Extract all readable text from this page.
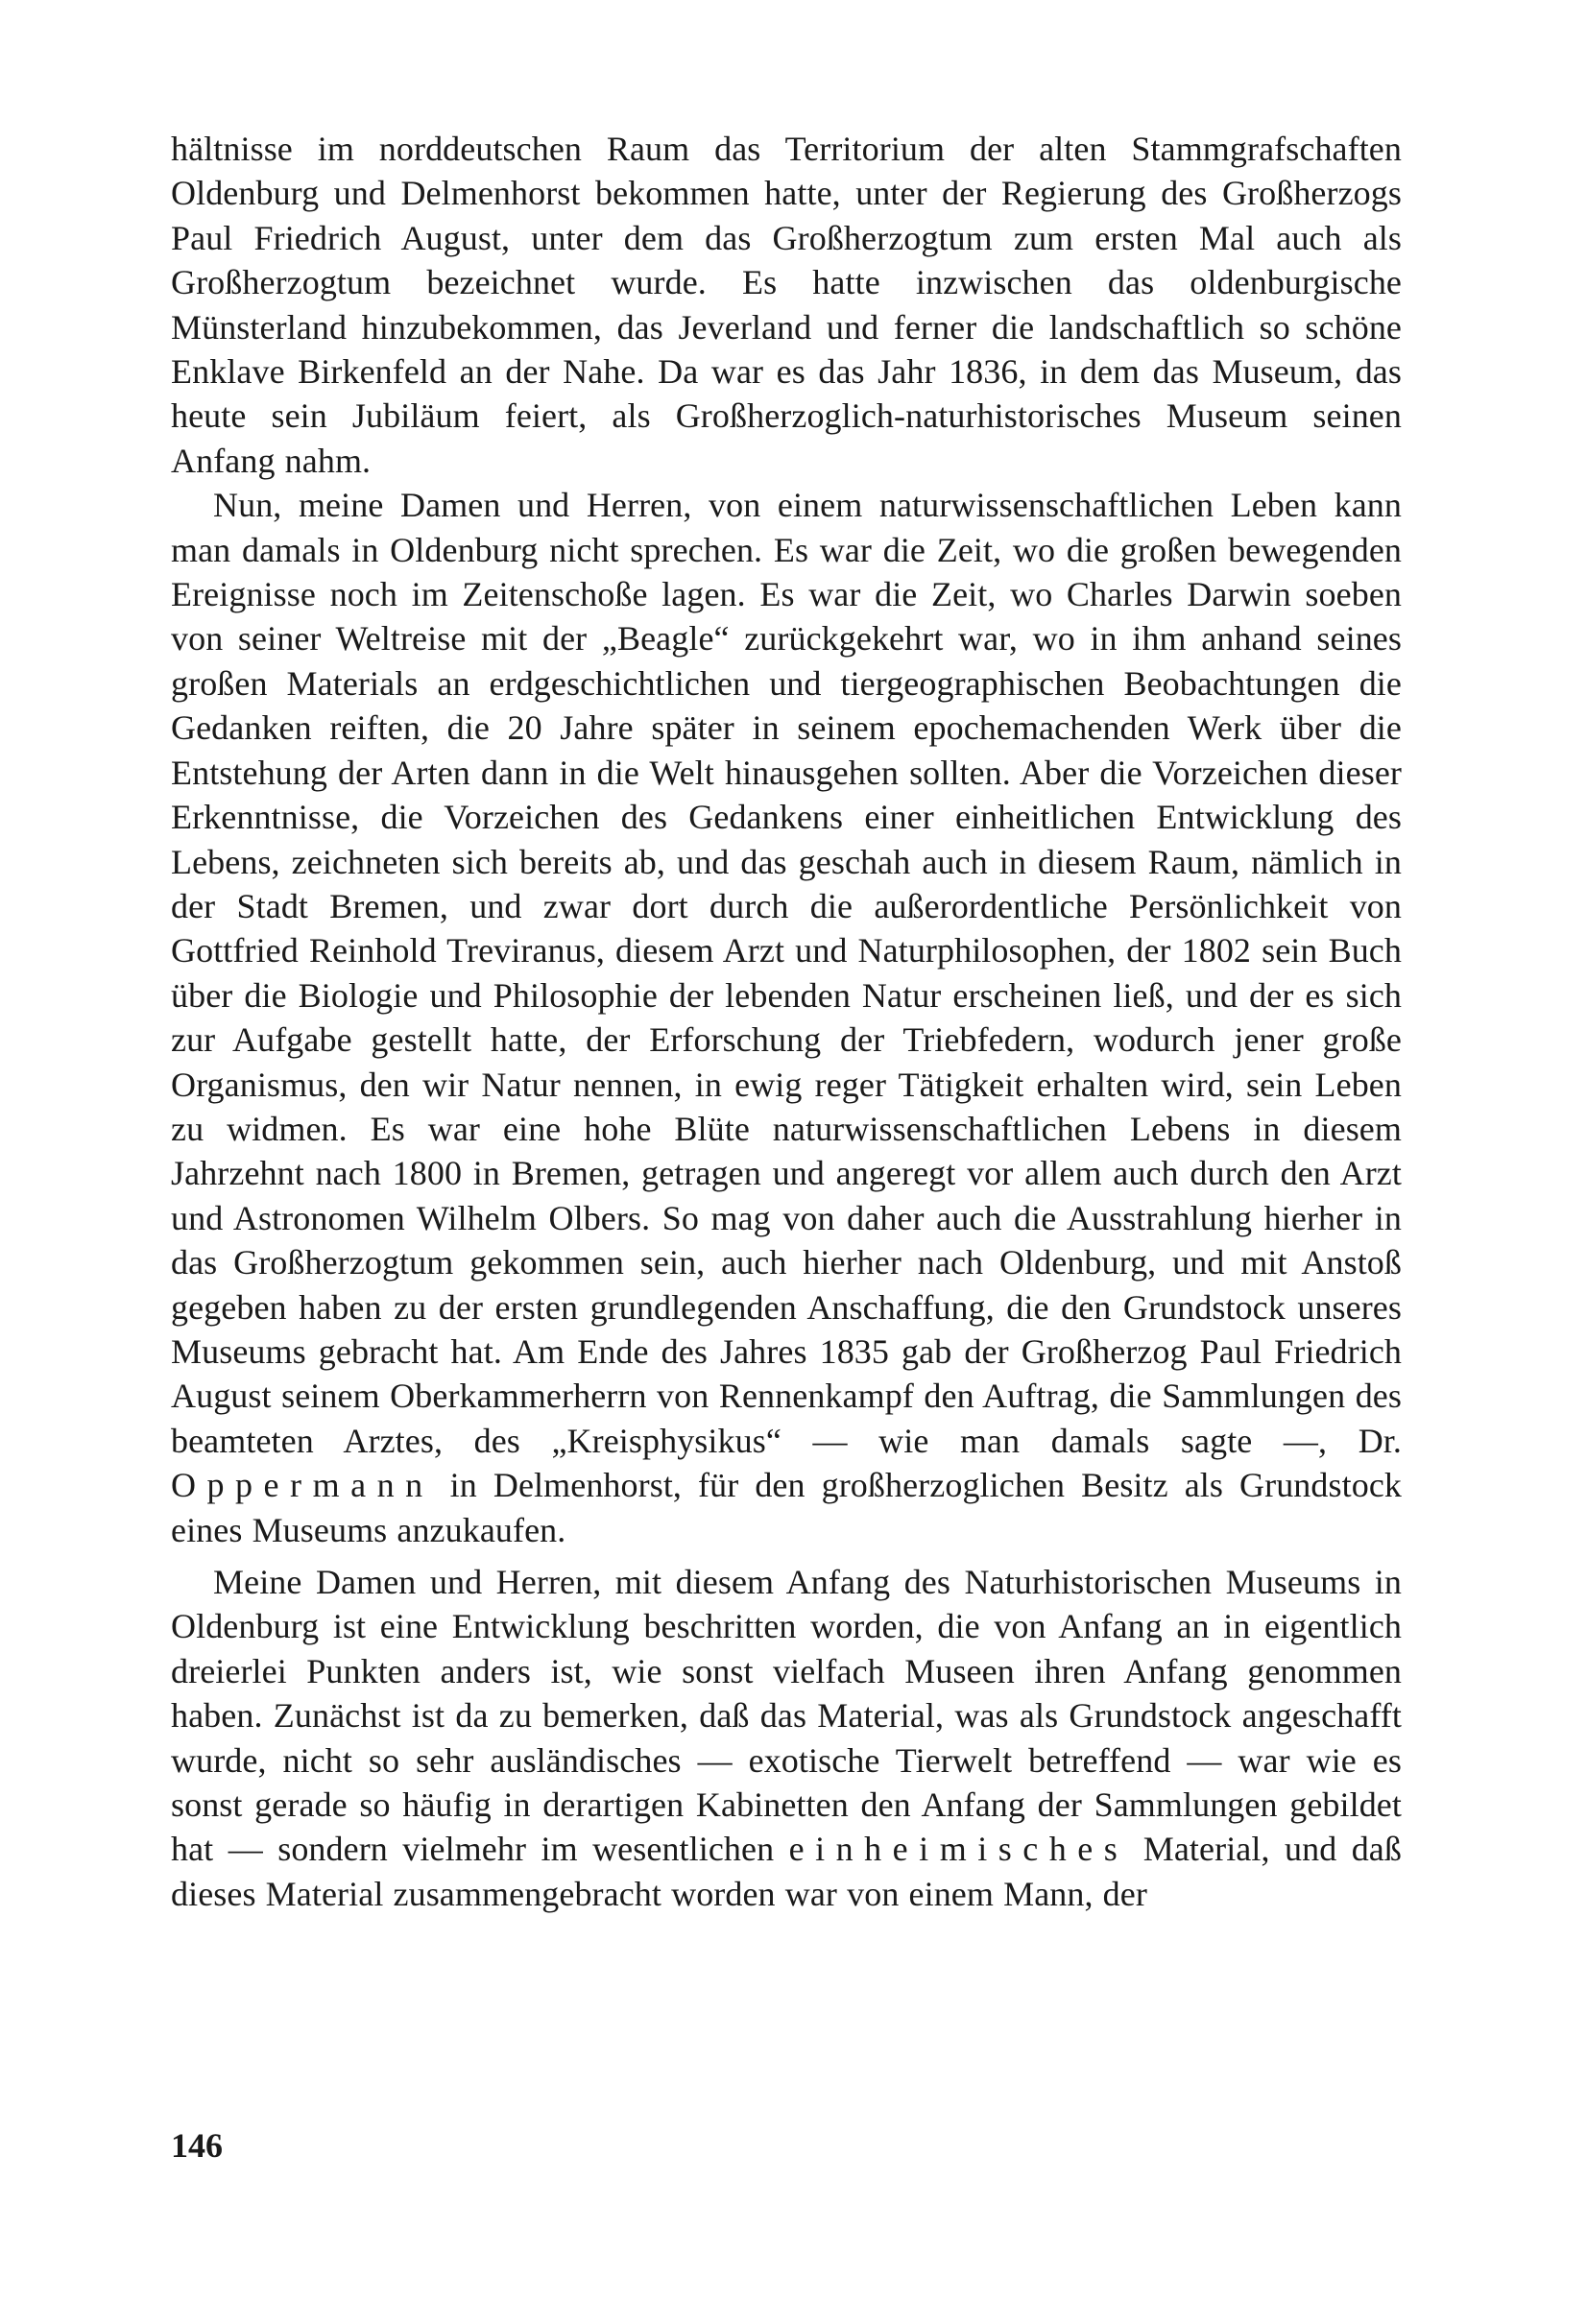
hältnisse im norddeutschen Raum das Territorium der alten Stammgrafschaften Oldenburg und Delmenhorst bekommen hatte, unter der Regierung des Großherzogs Paul Friedrich August, unter dem das Großherzogtum zum ersten Mal auch als Großherzogtum bezeichnet wurde. Es hatte inzwischen das oldenburgische Münsterland hinzubekommen, das Jeverland und ferner die landschaftlich so schöne Enklave Birkenfeld an der Nahe. Da war es das Jahr 1836, in dem das Museum, das heute sein Jubiläum feiert, als Großherzoglich-naturhistorisches Museum seinen Anfang nahm.

Nun, meine Damen und Herren, von einem naturwissenschaftlichen Leben kann man damals in Oldenburg nicht sprechen. Es war die Zeit, wo die großen bewegenden Ereignisse noch im Zeitenschoße lagen. Es war die Zeit, wo Charles Darwin soeben von seiner Weltreise mit der „Beagle“ zurückgekehrt war, wo in ihm anhand seines großen Materials an erdgeschichtlichen und tiergeographischen Beobachtungen die Gedanken reiften, die 20 Jahre später in seinem epochemachenden Werk über die Entstehung der Arten dann in die Welt hinausgehen sollten. Aber die Vorzeichen dieser Erkenntnisse, die Vorzeichen des Gedankens einer einheitlichen Entwicklung des Lebens, zeichneten sich bereits ab, und das geschah auch in diesem Raum, nämlich in der Stadt Bremen, und zwar dort durch die außerordentliche Persönlichkeit von Gottfried Reinhold Treviranus, diesem Arzt und Naturphilosophen, der 1802 sein Buch über die Biologie und Philosophie der lebenden Natur erscheinen ließ, und der es sich zur Aufgabe gestellt hatte, der Erforschung der Triebfedern, wodurch jener große Organismus, den wir Natur nennen, in ewig reger Tätigkeit erhalten wird, sein Leben zu widmen. Es war eine hohe Blüte naturwissenschaftlichen Lebens in diesem Jahrzehnt nach 1800 in Bremen, getragen und angeregt vor allem auch durch den Arzt und Astronomen Wilhelm Olbers. So mag von daher auch die Ausstrahlung hierher in das Großherzogtum gekommen sein, auch hierher nach Oldenburg, und mit Anstoß gegeben haben zu der ersten grundlegenden Anschaffung, die den Grundstock unseres Museums gebracht hat. Am Ende des Jahres 1835 gab der Großherzog Paul Friedrich August seinem Oberkammerherrn von Rennenkampf den Auftrag, die Sammlungen des beamteten Arztes, des „Kreisphysikus“ — wie man damals sagte —, Dr. Oppermann in Delmenhorst, für den großherzoglichen Besitz als Grundstock eines Museums anzukaufen.

Meine Damen und Herren, mit diesem Anfang des Naturhistorischen Museums in Oldenburg ist eine Entwicklung beschritten worden, die von Anfang an in eigentlich dreierlei Punkten anders ist, wie sonst vielfach Museen ihren Anfang genommen haben. Zunächst ist da zu bemerken, daß das Material, was als Grundstock angeschafft wurde, nicht so sehr ausländisches — exotische Tierwelt betreffend — war wie es sonst gerade so häufig in derartigen Kabinetten den Anfang der Sammlungen gebildet hat — sondern vielmehr im wesentlichen einheimisches Material, und daß dieses Material zusammengebracht worden war von einem Mann, der

146
